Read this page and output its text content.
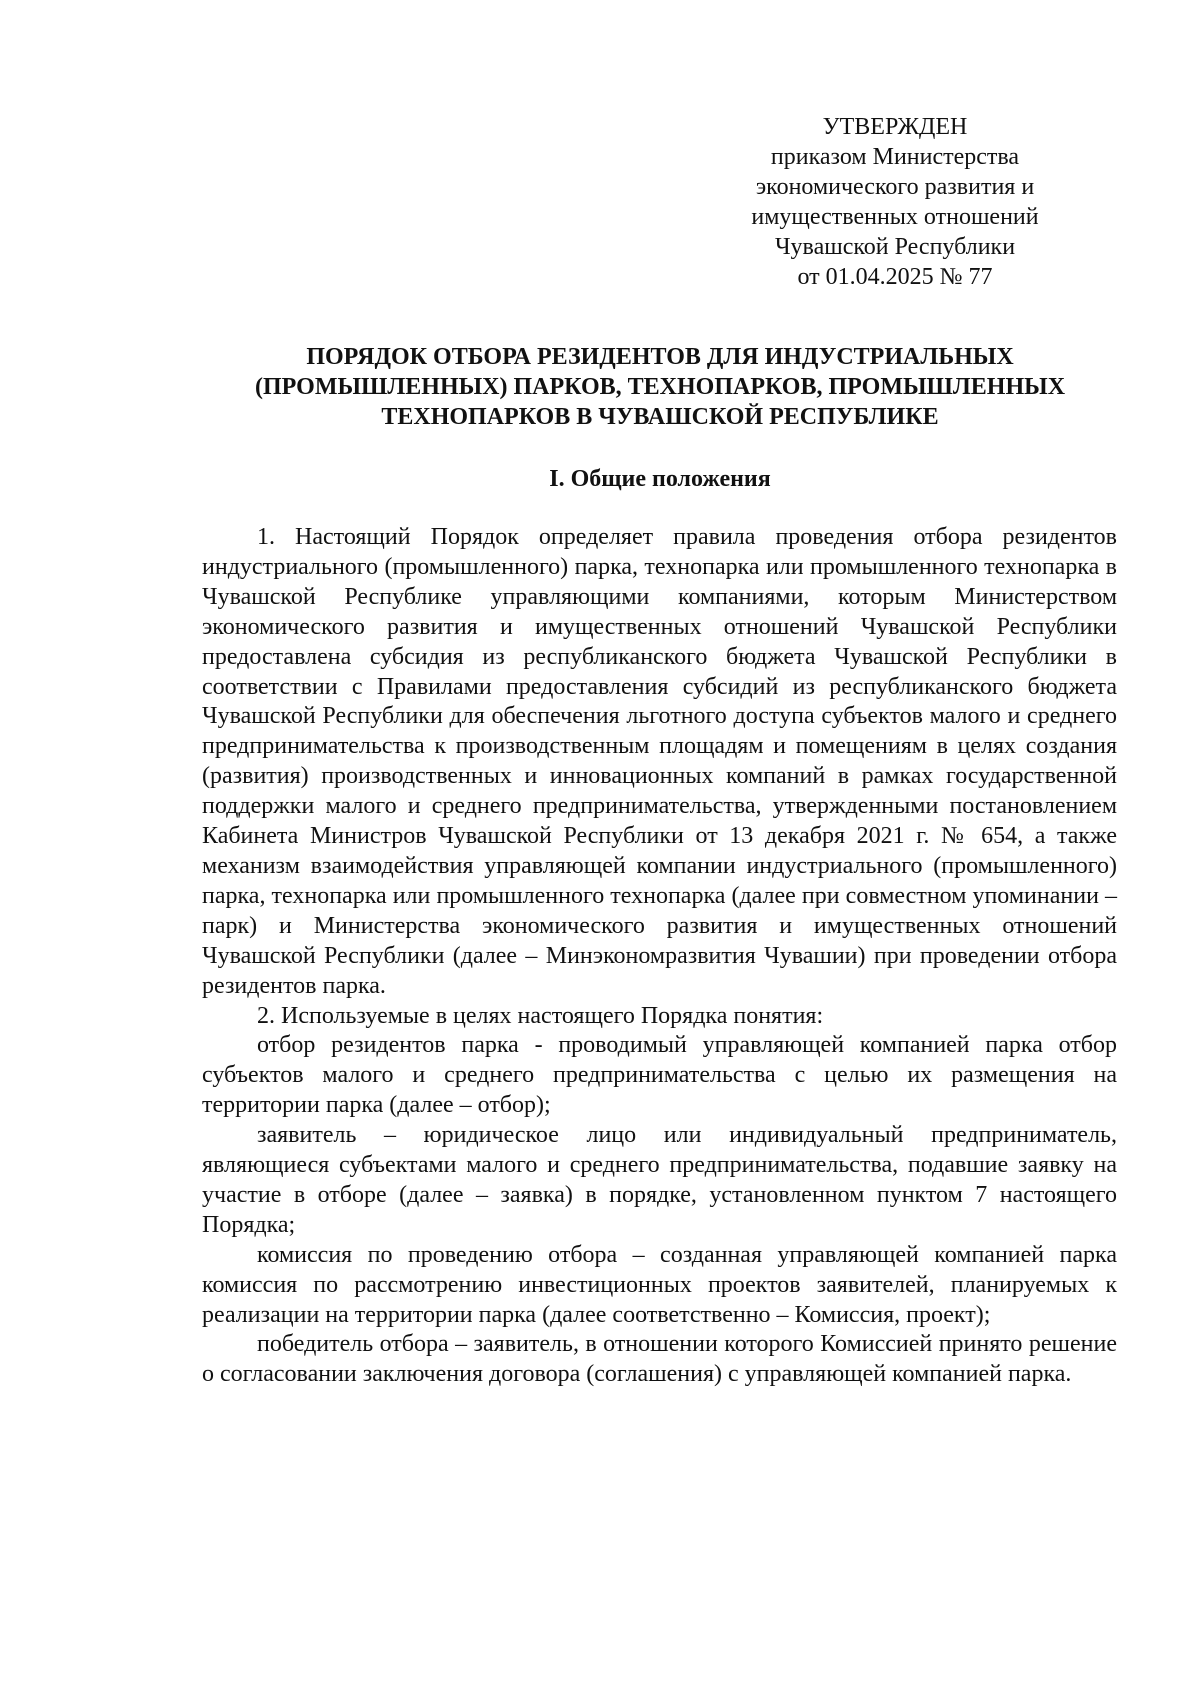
УТВЕРЖДЕН
приказом Министерства
экономического развития и
имущественных отношений
Чувашской Республики
от 01.04.2025 № 77
ПОРЯДОК ОТБОРА РЕЗИДЕНТОВ ДЛЯ ИНДУСТРИАЛЬНЫХ
(ПРОМЫШЛЕННЫХ) ПАРКОВ, ТЕХНОПАРКОВ, ПРОМЫШЛЕННЫХ
ТЕХНОПАРКОВ В ЧУВАШСКОЙ РЕСПУБЛИКЕ
I. Общие положения

1. Настоящий Порядок определяет правила проведения отбора резидентов индустриального (промышленного) парка, технопарка или промышленного технопарка в Чувашской Республике управляющими компаниями, которым Министерством экономического развития и имущественных отношений Чувашской Республики предоставлена субсидия из республиканского бюджета Чувашской Республики в соответствии с Правилами предоставления субсидий из республиканского бюджета Чувашской Республики для обеспечения льготного доступа субъектов малого и среднего предпринимательства к производственным площадям и помещениям в целях создания (развития) производственных и инновационных компаний в рамках государственной поддержки малого и среднего предпринимательства, утвержденными постановлением Кабинета Министров Чувашской Республики от 13 декабря 2021 г. № 654, а также механизм взаимодействия управляющей компании индустриального (промышленного) парка, технопарка или промышленного технопарка (далее при совместном упоминании – парк) и Министерства экономического развития и имущественных отношений Чувашской Республики (далее – Минэкономразвития Чувашии) при проведении отбора резидентов парка.

2. Используемые в целях настоящего Порядка понятия:

отбор резидентов парка - проводимый управляющей компанией парка отбор субъектов малого и среднего предпринимательства с целью их размещения на территории парка (далее – отбор);

заявитель – юридическое лицо или индивидуальный предприниматель, являющиеся субъектами малого и среднего предпринимательства, подавшие заявку на участие в отборе (далее – заявка) в порядке, установленном пунктом 7 настоящего Порядка;

комиссия по проведению отбора – созданная управляющей компанией парка комиссия по рассмотрению инвестиционных проектов заявителей, планируемых к реализации на территории парка (далее соответственно – Комиссия, проект);

победитель отбора – заявитель, в отношении которого Комиссией принято решение о согласовании заключения договора (соглашения) с управляющей компанией парка.
